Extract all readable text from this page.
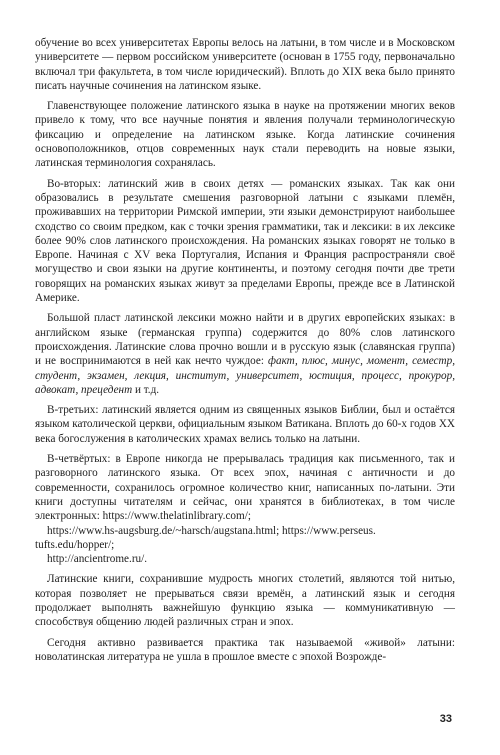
обучение во всех университетах Европы велось на латыни, в том числе и в Московском университете — первом российском университете (основан в 1755 году, первоначально включал три факультета, в том числе юридический). Вплоть до XIX века было принято писать научные сочинения на латинском языке.

Главенствующее положение латинского языка в науке на протяжении многих веков привело к тому, что все научные понятия и явления получали терминологическую фиксацию и определение на латинском языке. Когда латинские сочинения основоположников, отцов современных наук стали переводить на новые языки, латинская терминология сохранялась.

Во-вторых: латинский жив в своих детях — романских языках. Так как они образовались в результате смешения разговорной латыни с языками племён, проживавших на территории Римской империи, эти языки демонстрируют наибольшее сходство со своим предком, как с точки зрения грамматики, так и лексики: в их лексике более 90% слов латинского происхождения. На романских языках говорят не только в Европе. Начиная с XV века Португалия, Испания и Франция распространяли своё могущество и свои языки на другие континенты, и поэтому сегодня почти две трети говорящих на романских языках живут за пределами Европы, прежде все в Латинской Америке.

Большой пласт латинской лексики можно найти и в других европейских языках: в английском языке (германская группа) содержится до 80% слов латинского происхождения. Латинские слова прочно вошли и в русскую язык (славянская группа) и не воспринимаются в ней как нечто чуждое: факт, плюс, минус, момент, семестр, студент, экзамен, лекция, институт, университет, юстиция, процесс, прокурор, адвокат, прецедент и т.д.

В-третьих: латинский является одним из священных языков Библии, был и остаётся языком католической церкви, официальным языком Ватикана. Вплоть до 60-х годов XX века богослужения в католических храмах велись только на латыни.

В-четвёртых: в Европе никогда не прерывалась традиция как письменного, так и разговорного латинского языка. От всех эпох, начиная с античности и до современности, сохранилось огромное количество книг, написанных по-латыни. Эти книги доступны читателям и сейчас, они хранятся в библиотеках, в том числе электронных: https://www.thelatinlibrary.com/;

https://www.hs-augsburg.de/~harsch/augstana.html; https://www.perseus.

tufts.edu/hopper/;

http://ancientrome.ru/.

Латинские книги, сохранившие мудрость многих столетий, являются той нитью, которая позволяет не прерываться связи времён, а латинский язык и сегодня продолжает выполнять важнейшую функцию языка — коммуникативную — способствуя общению людей различных стран и эпох.

Сегодня активно развивается практика так называемой «живой» латыни: новолатинская литература не ушла в прошлое вместе с эпохой Возрожде-

33
